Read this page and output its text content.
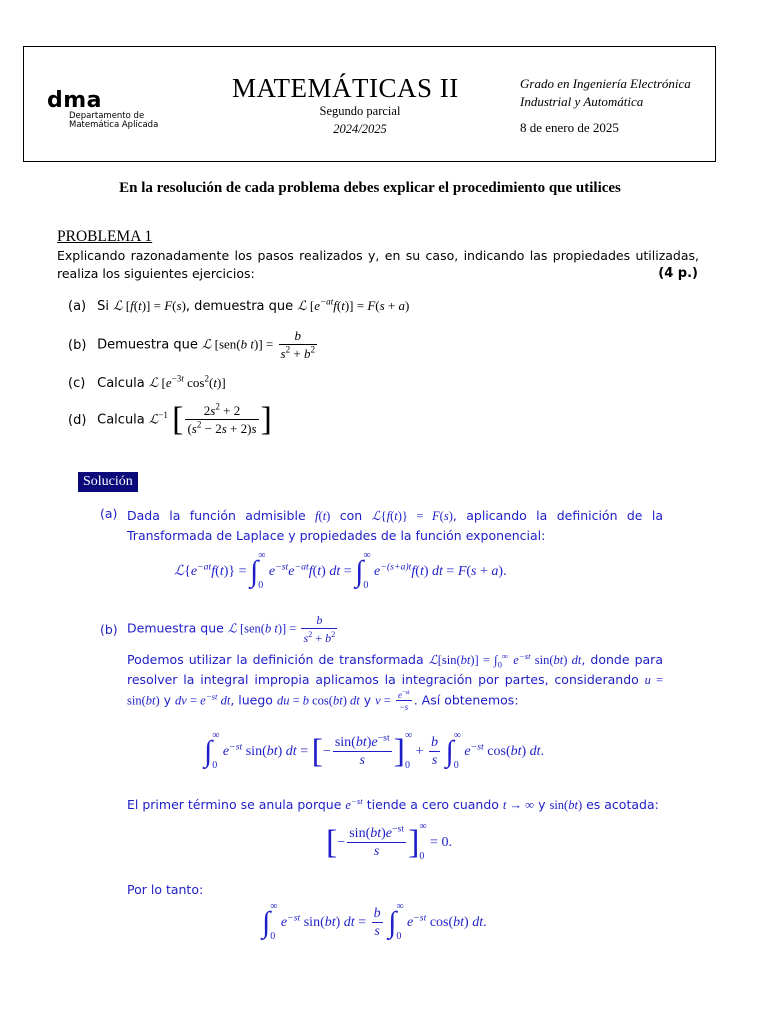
dma
Departamento de
Matemática Aplicada
MATEMÁTICAS II
Segundo parcial
2024/2025
Grado en Ingeniería Electrónica
Industrial y Automática
8 de enero de 2025
En la resolución de cada problema debes explicar el procedimiento que utilices
PROBLEMA 1
Explicando razonadamente los pasos realizados y, en su caso, indicando las propiedades utilizadas, realiza los siguientes ejercicios:	(4 p.)
(a) Si ℒ [f(t)] = F(s), demuestra que ℒ $[e^{-at}f(t)] = F(s + a)$
(b) Demuestra que ℒ [sen(b $t)] = \frac{b}{s^2 + b^2}$
(c) Calcula ℒ [$e^{-3t}$ $\cos^2(t)$]
(d) Calcula ℒ$^{-1}$ [ $\frac{2s^2 + 2}{(s^2 - 2s + 2)s}$ ]
Solución
(a) Dada la función admisible f(t) con ℒ{f(t)} = F(s), aplicando la definición de la Transformada de Laplace y propiedades de la función exponencial:
$ℒ\{e^{-at}f(t)\}$ = ∫ ∞
0
$e^{-st}e^{-at}f(t)$ dt = ∫ ∞
0
$e^{-(s+a)t}f(t)$ dt = F(s + a).
(b) Demuestra que ℒ [sen(b $t)] = \frac{b}{s^2 + b^2}$
Podemos utilizar la definición de transformada ℒ[sin(bt)] = $\int_0^\infty$ $e^{-st}$ sin(bt) dt, donde para resolver la integral impropia aplicamos la integración por partes, considerando u = sin(bt) y dv = $e^{-st}$ dt, luego du = b cos(bt) dt y $v = \frac{e^{-st}}{-s}$ . Así obtenemos:
∫ ∞
0
$e^{-st}$ sin(bt) dt = [− $\frac{\sin(bt)e^{-st}}{s}$ ] ∞
0
+ $\frac{b}{s}$ ∫ ∞
0
$e^{-st}$ cos(bt) dt.
El primer término se anula porque $e^{-st}$ tiende a cero cuando t → ∞ y sin(bt) es acotada:
[− $\frac{\sin(bt)e^{-st}}{s}$ ] ∞
0
= 0.
Por lo tanto:
∫ ∞
0
$e^{-st}$ sin(bt) dt = $\frac{b}{s}$ ∫ ∞
0
$e^{-st}$ cos(bt) dt.
